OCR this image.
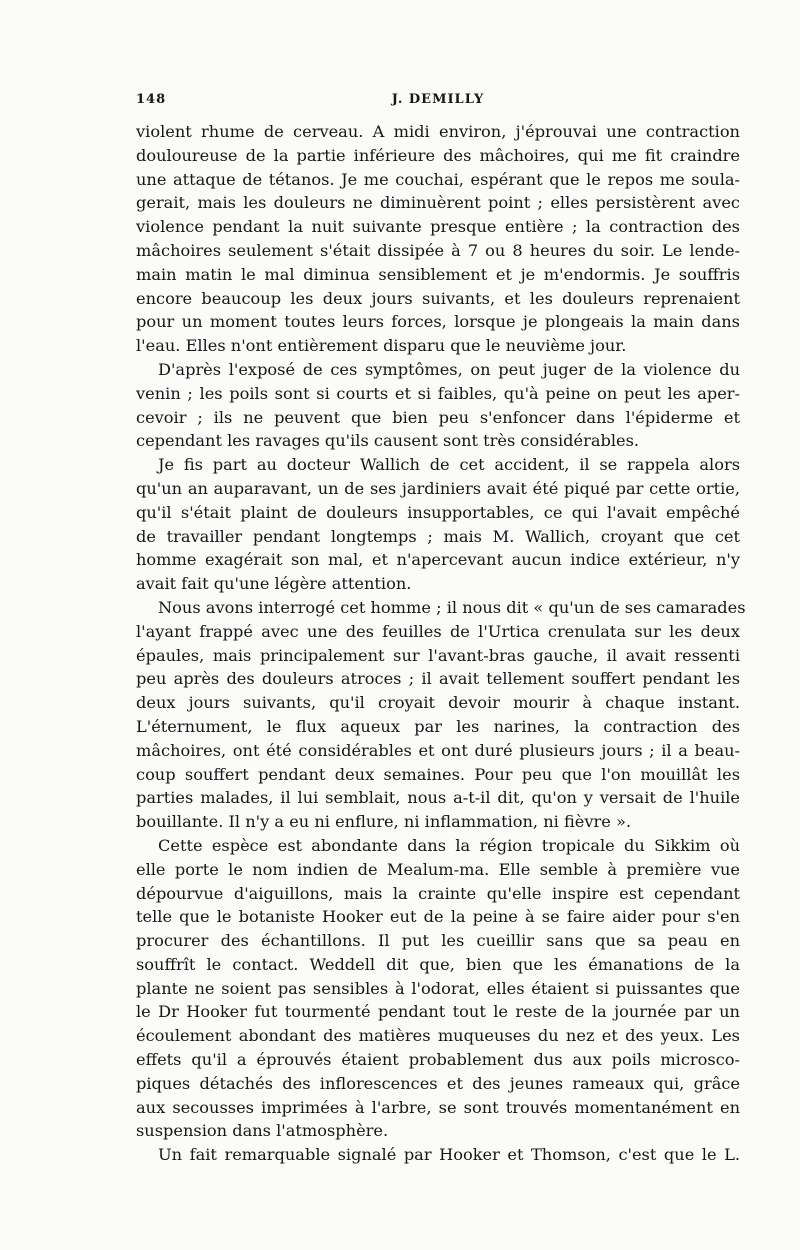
148	J. DEMILLY
violent rhume de cerveau. A midi environ, j'éprouvai une contraction
douloureuse de la partie inférieure des mâchoires, qui me fit craindre
une attaque de tétanos. Je me couchai, espérant que le repos me soula-
gerait, mais les douleurs ne diminuèrent point ; elles persistèrent avec
violence pendant la nuit suivante presque entière ; la contraction des
mâchoires seulement s'était dissipée à 7 ou 8 heures du soir. Le lende-
main matin le mal diminua sensiblement et je m'endormis. Je souffris
encore beaucoup les deux jours suivants, et les douleurs reprenaient
pour un moment toutes leurs forces, lorsque je plongeais la main dans
l'eau. Elles n'ont entièrement disparu que le neuvième jour.
D'après l'exposé de ces symptômes, on peut juger de la violence du
venin ; les poils sont si courts et si faibles, qu'à peine on peut les aper-
cevoir ; ils ne peuvent que bien peu s'enfoncer dans l'épiderme et
cependant les ravages qu'ils causent sont très considérables.
Je fis part au docteur Wallich de cet accident, il se rappela alors
qu'un an auparavant, un de ses jardiniers avait été piqué par cette ortie,
qu'il s'était plaint de douleurs insupportables, ce qui l'avait empêché
de travailler pendant longtemps ; mais M. Wallich, croyant que cet
homme exagérait son mal, et n'apercevant aucun indice extérieur, n'y
avait fait qu'une légère attention.
Nous avons interrogé cet homme ; il nous dit « qu'un de ses camarades
l'ayant frappé avec une des feuilles de l'Urtica crenulata sur les deux
épaules, mais principalement sur l'avant-bras gauche, il avait ressenti
peu après des douleurs atroces ; il avait tellement souffert pendant les
deux jours suivants, qu'il croyait devoir mourir à chaque instant.
L'éternument, le flux aqueux par les narines, la contraction des
mâchoires, ont été considérables et ont duré plusieurs jours ; il a beau-
coup souffert pendant deux semaines. Pour peu que l'on mouillât les
parties malades, il lui semblait, nous a-t-il dit, qu'on y versait de l'huile
bouillante. Il n'y a eu ni enflure, ni inflammation, ni fièvre ».
Cette espèce est abondante dans la région tropicale du Sikkim où
elle porte le nom indien de Mealum-ma. Elle semble à première vue
dépourvue d'aiguillons, mais la crainte qu'elle inspire est cependant
telle que le botaniste Hooker eut de la peine à se faire aider pour s'en
procurer des échantillons. Il put les cueillir sans que sa peau en
souffrît le contact. Weddell dit que, bien que les émanations de la
plante ne soient pas sensibles à l'odorat, elles étaient si puissantes que
le Dr Hooker fut tourmenté pendant tout le reste de la journée par un
écoulement abondant des matières muqueuses du nez et des yeux. Les
effets qu'il a éprouvés étaient probablement dus aux poils microsco-
piques détachés des inflorescences et des jeunes rameaux qui, grâce
aux secousses imprimées à l'arbre, se sont trouvés momentanément en
suspension dans l'atmosphère.
Un fait remarquable signalé par Hooker et Thomson, c'est que le L.
